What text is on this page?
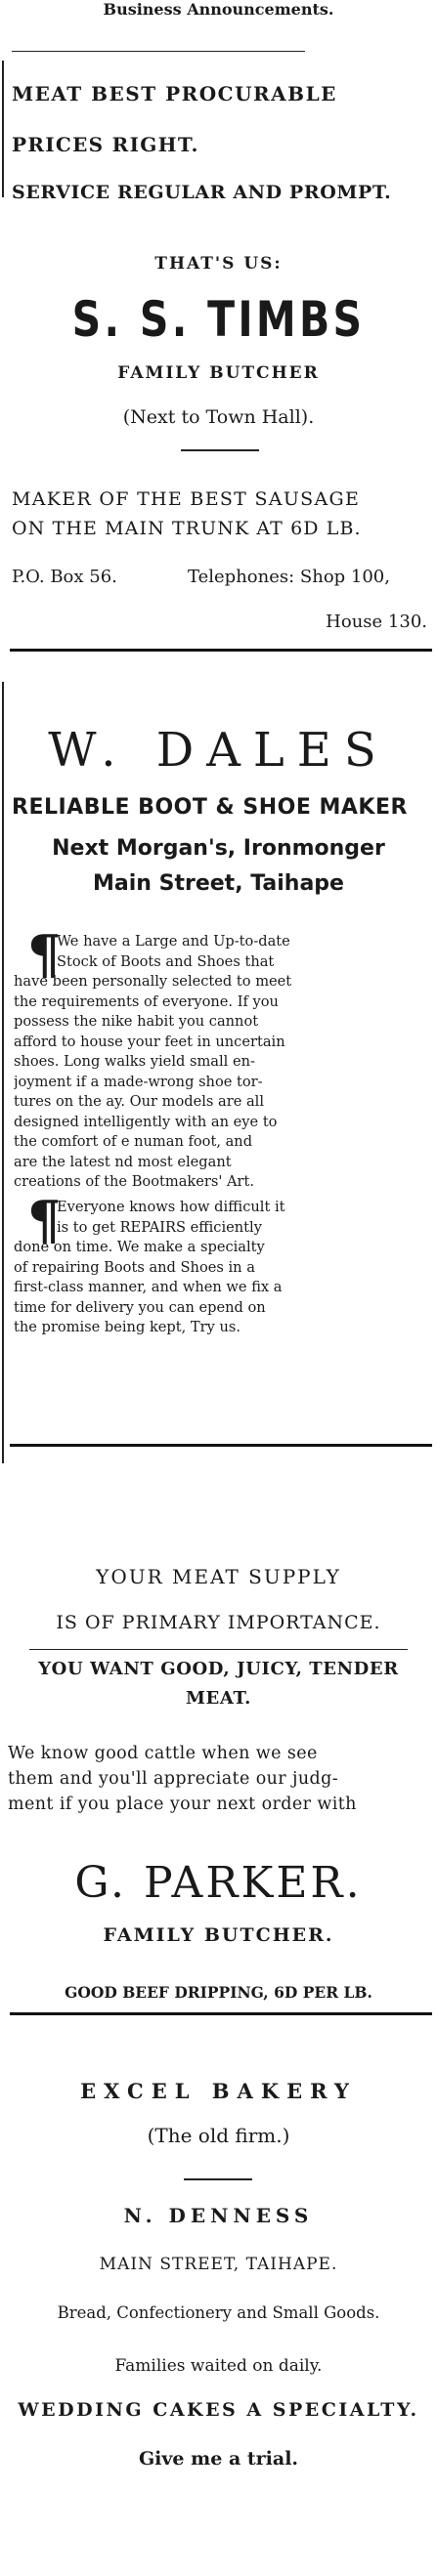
Business Announcements.
MEAT BEST PROCURABLE
PRICES RIGHT.
SERVICE REGULAR AND PROMPT.
THAT'S US:
S. S. TIMBS
FAMILY BUTCHER
(Next to Town Hall).
MAKER OF THE BEST SAUSAGE
ON THE MAIN TRUNK AT 6D LB.
P.O. Box 56.	Telephones: Shop 100,
House 130.
W. DALES
RELIABLE BOOT & SHOE MAKER
Next Morgan's, Ironmonger
Main Street, Taihape
¶
We have a Large and Up-to-date
Stock of Boots and Shoes that
have been personally selected to meet
the requirements of everyone. If you
possess the nike habit you cannot
afford to house your feet in uncertain
shoes. Long walks yield small en-
joyment if a made-wrong shoe tor-
tures on the ay. Our models are all
designed intelligently with an eye to
the comfort of e numan foot, and
are the latest nd most elegant
creations of the Bootmakers' Art.
¶
Everyone knows how difficult it
is to get REPAIRS efficiently
done on time. We make a specialty
of repairing Boots and Shoes in a
first-class manner, and when we fix a
time for delivery you can epend on
the promise being kept, Try us.
YOUR MEAT SUPPLY
IS OF PRIMARY IMPORTANCE.
YOU WANT GOOD, JUICY, TENDER
MEAT.
We know good cattle when we see
them and you'll appreciate our judg-
ment if you place your next order with
G. PARKER.
FAMILY BUTCHER.
GOOD BEEF DRIPPING, 6D PER LB.
EXCEL BAKERY
(The old firm.)
N. DENNESS
MAIN STREET, TAIHAPE.
Bread, Confectionery and Small Goods.
Families waited on daily.
WEDDING CAKES A SPECIALTY.
Give me a trial.
